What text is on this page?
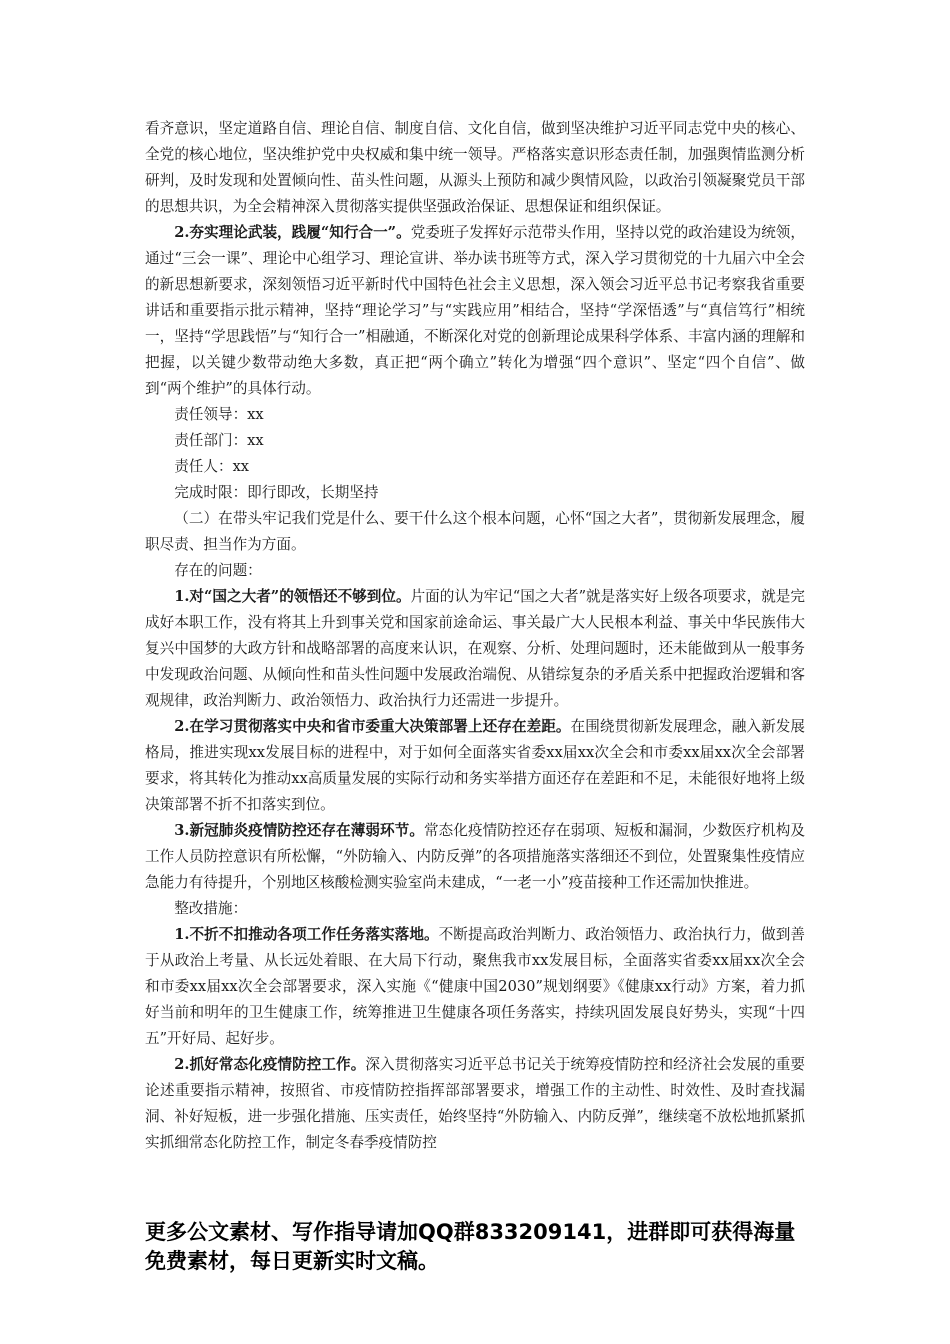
看齐意识，坚定道路自信、理论自信、制度自信、文化自信，做到坚决维护习近平同志党中央的核心、全党的核心地位，坚决维护党中央权威和集中统一领导。严格落实意识形态责任制，加强舆情监测分析研判，及时发现和处置倾向性、苗头性问题，从源头上预防和减少舆情风险，以政治引领凝聚党员干部的思想共识，为全会精神深入贯彻落实提供坚强政治保证、思想保证和组织保证。

2.夯实理论武装，践履“知行合一”。党委班子发挥好示范带头作用，坚持以党的政治建设为统领，通过“三会一课”、理论中心组学习、理论宣讲、举办读书班等方式，深入学习贯彻党的十九届六中全会的新思想新要求，深刻领悟习近平新时代中国特色社会主义思想，深入领会习近平总书记考察我省重要讲话和重要指示批示精神，坚持“理论学习”与“实践应用”相结合，坚持“学深悟透”与“真信笃行”相统一，坚持“学思践悟”与“知行合一”相融通，不断深化对党的创新理论成果科学体系、丰富内涵的理解和把握，以关键少数带动绝大多数，真正把“两个确立”转化为增强“四个意识”、坚定“四个自信”、做到“两个维护”的具体行动。

责任领导：xx

责任部门：xx

责任人：xx

完成时限：即行即改，长期坚持

（二）在带头牢记我们党是什么、要干什么这个根本问题，心怀“国之大者”，贯彻新发展理念，履职尽责、担当作为方面。

存在的问题：

1.对“国之大者”的领悟还不够到位。片面的认为牢记“国之大者”就是落实好上级各项要求，就是完成好本职工作，没有将其上升到事关党和国家前途命运、事关最广大人民根本利益、事关中华民族伟大复兴中国梦的大政方针和战略部署的高度来认识，在观察、分析、处理问题时，还未能做到从一般事务中发现政治问题、从倾向性和苗头性问题中发展政治端倪、从错综复杂的矛盾关系中把握政治逻辑和客观规律，政治判断力、政治领悟力、政治执行力还需进一步提升。

2.在学习贯彻落实中央和省市委重大决策部署上还存在差距。在围绕贯彻新发展理念，融入新发展格局，推进实现xx发展目标的进程中，对于如何全面落实省委xx届xx次全会和市委xx届xx次全会部署要求，将其转化为推动xx高质量发展的实际行动和务实举措方面还存在差距和不足，未能很好地将上级决策部署不折不扣落实到位。

3.新冠肺炎疫情防控还存在薄弱环节。常态化疫情防控还存在弱项、短板和漏洞，少数医疗机构及工作人员防控意识有所松懈，“外防输入、内防反弹”的各项措施落实落细还不到位，处置聚集性疫情应急能力有待提升，个别地区核酸检测实验室尚未建成，“一老一小”疫苗接种工作还需加快推进。

整改措施：

1.不折不扣推动各项工作任务落实落地。不断提高政治判断力、政治领悟力、政治执行力，做到善于从政治上考量、从长远处着眼、在大局下行动，聚焦我市xx发展目标，全面落实省委xx届xx次全会和市委xx届xx次全会部署要求，深入实施《“健康中国2030”规划纲要》《健康xx行动》方案，着力抓好当前和明年的卫生健康工作，统筹推进卫生健康各项任务落实，持续巩固发展良好势头，实现“十四五”开好局、起好步。

2.抓好常态化疫情防控工作。深入贯彻落实习近平总书记关于统筹疫情防控和经济社会发展的重要论述重要指示精神，按照省、市疫情防控指挥部部署要求，增强工作的主动性、时效性、及时查找漏洞、补好短板，进一步强化措施、压实责任，始终坚持“外防输入、内防反弹”，继续毫不放松地抓紧抓实抓细常态化防控工作，制定冬春季疫情防控

更多公文素材、写作指导请加QQ群833209141，进群即可获得海量免费素材，每日更新实时文稿。
